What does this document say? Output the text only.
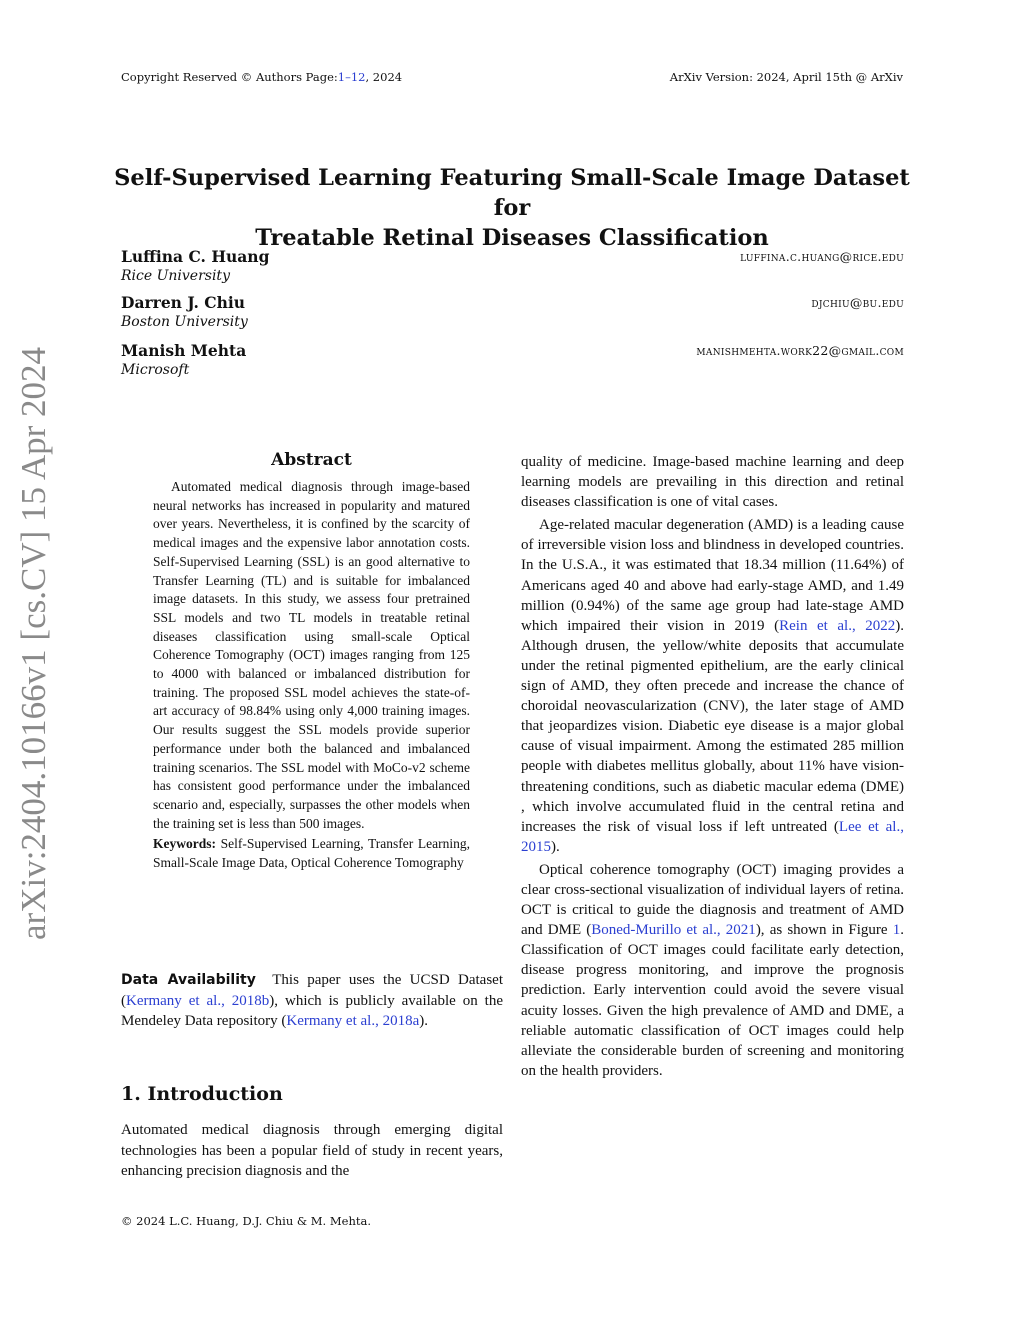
Copyright Reserved © Authors Page:1–12, 2024	ArXiv Version: 2024, April 15th @ ArXiv
arXiv:2404.10166v1 [cs.CV] 15 Apr 2024
Self-Supervised Learning Featuring Small-Scale Image Dataset for
Treatable Retinal Diseases Classification
Luffina C. Huang
Rice University
luffina.c.huang@rice.edu
Darren J. Chiu
Boston University
djchiu@bu.edu
Manish Mehta
Microsoft
manishmehta.work22@gmail.com
Abstract

Automated medical diagnosis through image-based neural networks has increased in popularity and matured over years. Nevertheless, it is confined by the scarcity of medical images and the expensive labor annotation costs. Self-Supervised Learning (SSL) is an good alternative to Transfer Learning (TL) and is suitable for imbalanced image datasets. In this study, we assess four pretrained SSL models and two TL models in treatable retinal diseases classification using small-scale Optical Coherence Tomography (OCT) images ranging from 125 to 4000 with balanced or imbalanced distribution for training. The proposed SSL model achieves the state-of-art accuracy of 98.84% using only 4,000 training images. Our results suggest the SSL models provide superior performance under both the balanced and imbalanced training scenarios. The SSL model with MoCo-v2 scheme has consistent good performance under the imbalanced scenario and, especially, surpasses the other models when the training set is less than 500 images.

Keywords: Self-Supervised Learning, Transfer Learning, Small-Scale Image Data, Optical Coherence Tomography

Data Availability This paper uses the UCSD Dataset (Kermany et al., 2018b), which is publicly available on the Mendeley Data repository (Kermany et al., 2018a).

1. Introduction

Automated medical diagnosis through emerging digital technologies has been a popular field of study in recent years, enhancing precision diagnosis and the

quality of medicine. Image-based machine learning and deep learning models are prevailing in this direction and retinal diseases classification is one of vital cases.

Age-related macular degeneration (AMD) is a leading cause of irreversible vision loss and blindness in developed countries. In the U.S.A., it was estimated that 18.34 million (11.64%) of Americans aged 40 and above had early-stage AMD, and 1.49 million (0.94%) of the same age group had late-stage AMD which impaired their vision in 2019 (Rein et al., 2022). Although drusen, the yellow/white deposits that accumulate under the retinal pigmented epithelium, are the early clinical sign of AMD, they often precede and increase the chance of choroidal neovascularization (CNV), the later stage of AMD that jeopardizes vision. Diabetic eye disease is a major global cause of visual impairment. Among the estimated 285 million people with diabetes mellitus globally, about 11% have vision-threatening conditions, such as diabetic macular edema (DME) , which involve accumulated fluid in the central retina and increases the risk of visual loss if left untreated (Lee et al., 2015).

Optical coherence tomography (OCT) imaging provides a clear cross-sectional visualization of individual layers of retina. OCT is critical to guide the diagnosis and treatment of AMD and DME (Boned-Murillo et al., 2021), as shown in Figure 1. Classification of OCT images could facilitate early detection, disease progress monitoring, and improve the prognosis prediction. Early intervention could avoid the severe visual acuity losses. Given the high prevalence of AMD and DME, a reliable automatic classification of OCT images could help alleviate the considerable burden of screening and monitoring on the health providers.

© 2024 L.C. Huang, D.J. Chiu & M. Mehta.
